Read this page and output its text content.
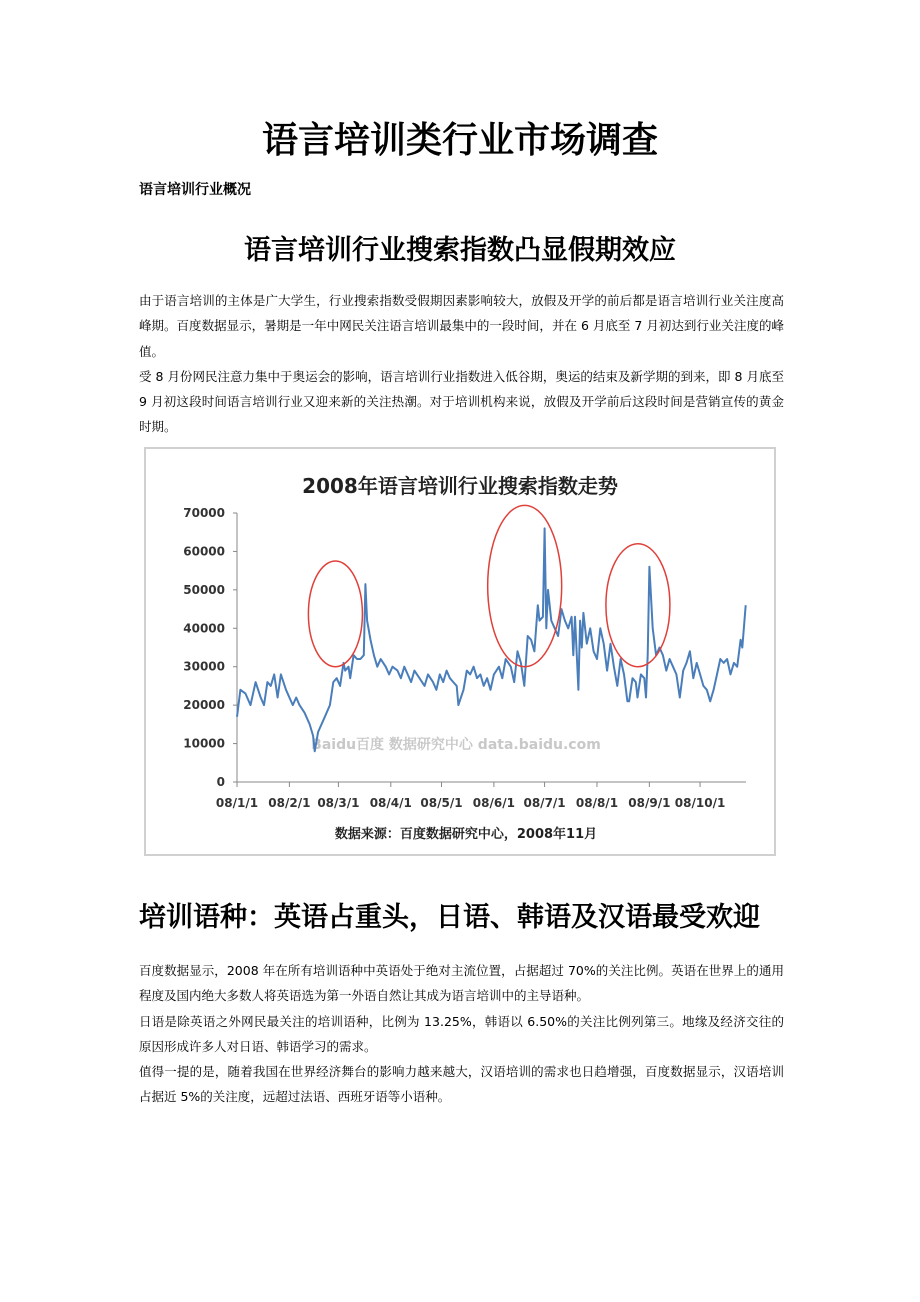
语言培训类行业市场调查
语言培训行业概况
语言培训行业搜索指数凸显假期效应
由于语言培训的主体是广大学生，行业搜索指数受假期因素影响较大，放假及开学的前后都是语言培训行业关注度高峰期。百度数据显示，暑期是一年中网民关注语言培训最集中的一段时间，并在 6 月底至 7 月初达到行业关注度的峰值。
受 8 月份网民注意力集中于奥运会的影响，语言培训行业指数进入低谷期，奥运的结束及新学期的到来，即 8 月底至 9 月初这段时间语言培训行业又迎来新的关注热潮。对于培训机构来说，放假及开学前后这段时间是营销宣传的黄金时期。
2008年语言培训行业搜索指数走势
Baidu百度 数据研究中心 data.baidu.com
0
10000
20000
30000
40000
50000
60000
70000
08/1/1 08/2/1 08/3/1 08/4/1 08/5/1 08/6/1 08/7/1 08/8/1 08/9/1 08/10/1
数据来源：百度数据研究中心，2008年11月
培训语种：英语占重头，日语、韩语及汉语最受欢迎
百度数据显示，2008 年在所有培训语种中英语处于绝对主流位置，占据超过 70%的关注比例。英语在世界上的通用程度及国内绝大多数人将英语选为第一外语自然让其成为语言培训中的主导语种。
日语是除英语之外网民最关注的培训语种，比例为 13.25%，韩语以 6.50%的关注比例列第三。地缘及经济交往的原因形成许多人对日语、韩语学习的需求。
值得一提的是，随着我国在世界经济舞台的影响力越来越大，汉语培训的需求也日趋增强，百度数据显示，汉语培训占据近 5%的关注度，远超过法语、西班牙语等小语种。
